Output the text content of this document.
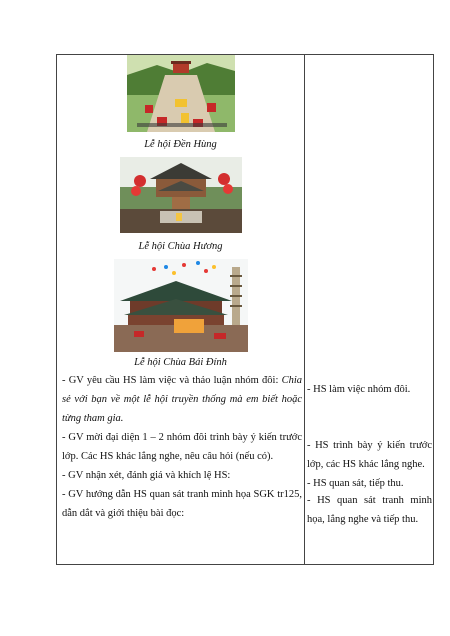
Lễ hội Đền Hùng
Lễ hội Chùa Hương
Lễ hội Chùa Bái Đính
- GV yêu cầu HS làm việc và thảo luận nhóm đôi: Chia sẻ với bạn về một lễ hội truyền thống mà em biết hoặc từng tham gia.
- GV mời đại diện 1 – 2 nhóm đôi trình bày ý kiến trước lớp. Các HS khác lắng nghe, nêu câu hỏi (nếu có).
- GV nhận xét, đánh giá và khích lệ HS:
- GV hướng dẫn HS quan sát tranh minh họa SGK tr125, dẫn dắt và giới thiệu bài đọc:
- HS làm việc nhóm đôi.
- HS trình bày ý kiến trước lớp, các HS khác lắng nghe.
- HS quan sát, tiếp thu.
- HS quan sát tranh minh họa, lắng nghe và tiếp thu.
